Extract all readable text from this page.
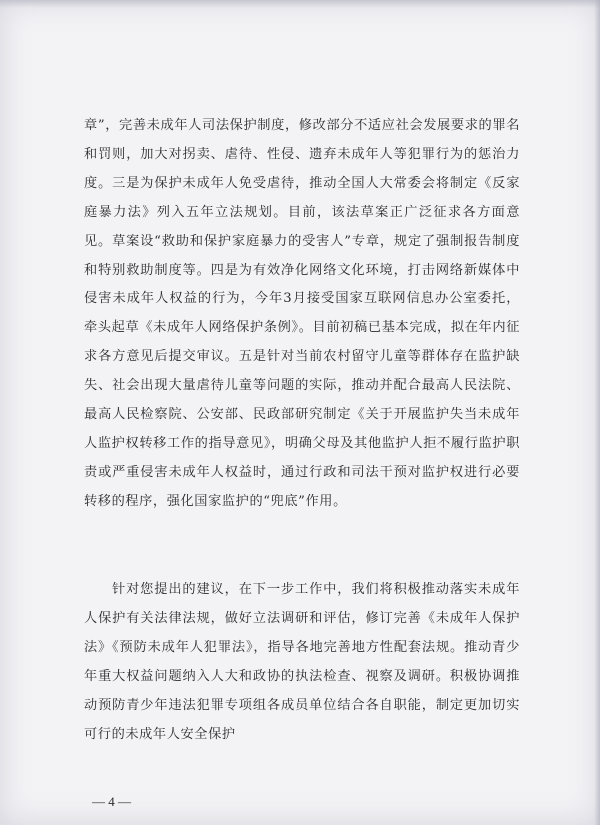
章”，完善未成年人司法保护制度，修改部分不适应社会发展要求的罪名和罚则，加大对拐卖、虐待、性侵、遗弃未成年人等犯罪行为的惩治力度。三是为保护未成年人免受虐待，推动全国人大常委会将制定《反家庭暴力法》列入五年立法规划。目前，该法草案正广泛征求各方面意见。草案设“救助和保护家庭暴力的受害人”专章，规定了强制报告制度和特别救助制度等。四是为有效净化网络文化环境，打击网络新媒体中侵害未成年人权益的行为，今年3月接受国家互联网信息办公室委托，牵头起草《未成年人网络保护条例》。目前初稿已基本完成，拟在年内征求各方意见后提交审议。五是针对当前农村留守儿童等群体存在监护缺失、社会出现大量虐待儿童等问题的实际，推动并配合最高人民法院、最高人民检察院、公安部、民政部研究制定《关于开展监护失当未成年人监护权转移工作的指导意见》，明确父母及其他监护人拒不履行监护职责或严重侵害未成年人权益时，通过行政和司法干预对监护权进行必要转移的程序，强化国家监护的“兜底”作用。

针对您提出的建议，在下一步工作中，我们将积极推动落实未成年人保护有关法律法规，做好立法调研和评估，修订完善《未成年人保护法》《预防未成年人犯罪法》，指导各地完善地方性配套法规。推动青少年重大权益问题纳入人大和政协的执法检查、视察及调研。积极协调推动预防青少年违法犯罪专项组各成员单位结合各自职能，制定更加切实可行的未成年人安全保护

— 4 —
